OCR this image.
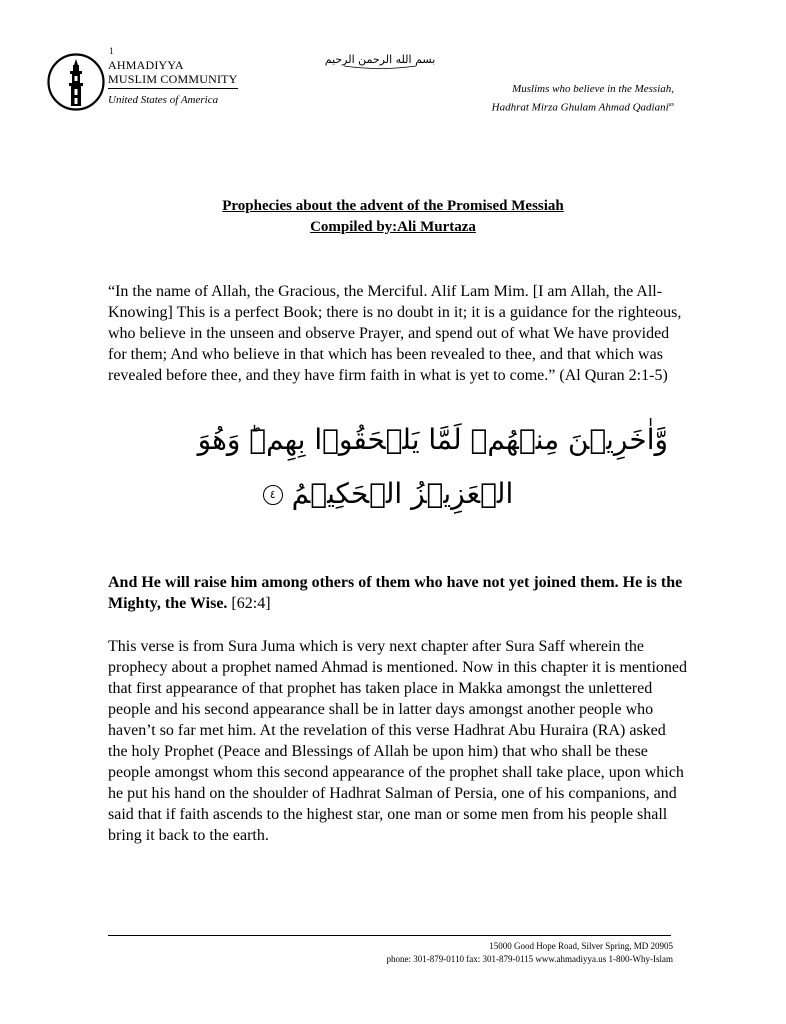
1
AHMADIYYA
MUSLIM COMMUNITY
United States of America
بسم الله الرحمن الرحيم
Muslims who believe in the Messiah,
Hadhrat Mirza Ghulam Ahmad Qadiani$^{as}$
Prophecies about the advent of the Promised Messiah
Compiled by:Ali Murtaza

“In the name of Allah, the Gracious, the Merciful. Alif Lam Mim. [I am Allah, the All-Knowing] This is a perfect Book; there is no doubt in it; it is a guidance for the righteous, who believe in the unseen and observe Prayer, and spend out of what We have provided for them; And who believe in that which has been revealed to thee, and that which was revealed before thee, and they have firm faith in what is yet to come.” (Al Quran 2:1-5)

وَّاٰخَرِيۡنَ مِنۡهُمۡ لَمَّا يَلۡحَقُوۡا بِهِمۡ‌ؕ وَهُوَ
الۡعَزِيۡزُ الۡحَكِيۡمُ ٤

And He will raise him among others of them who have not yet joined them. He is the Mighty, the Wise. [62:4]

This verse is from Sura Juma which is very next chapter after Sura Saff wherein the prophecy about a prophet named Ahmad is mentioned. Now in this chapter it is mentioned that first appearance of that prophet has taken place in Makka amongst the unlettered people and his second appearance shall be in latter days amongst another people who haven’t so far met him. At the revelation of this verse Hadhrat Abu Huraira (RA) asked the holy Prophet (Peace and Blessings of Allah be upon him) that who shall be these people amongst whom this second appearance of the prophet shall take place, upon which he put his hand on the shoulder of Hadhrat Salman of Persia, one of his companions, and said that if faith ascends to the highest star, one man or some men from his people shall bring it back to the earth.

15000 Good Hope Road, Silver Spring, MD 20905
phone: 301-879-0110 fax: 301-879-0115 www.ahmadiyya.us 1-800-Why-Islam
